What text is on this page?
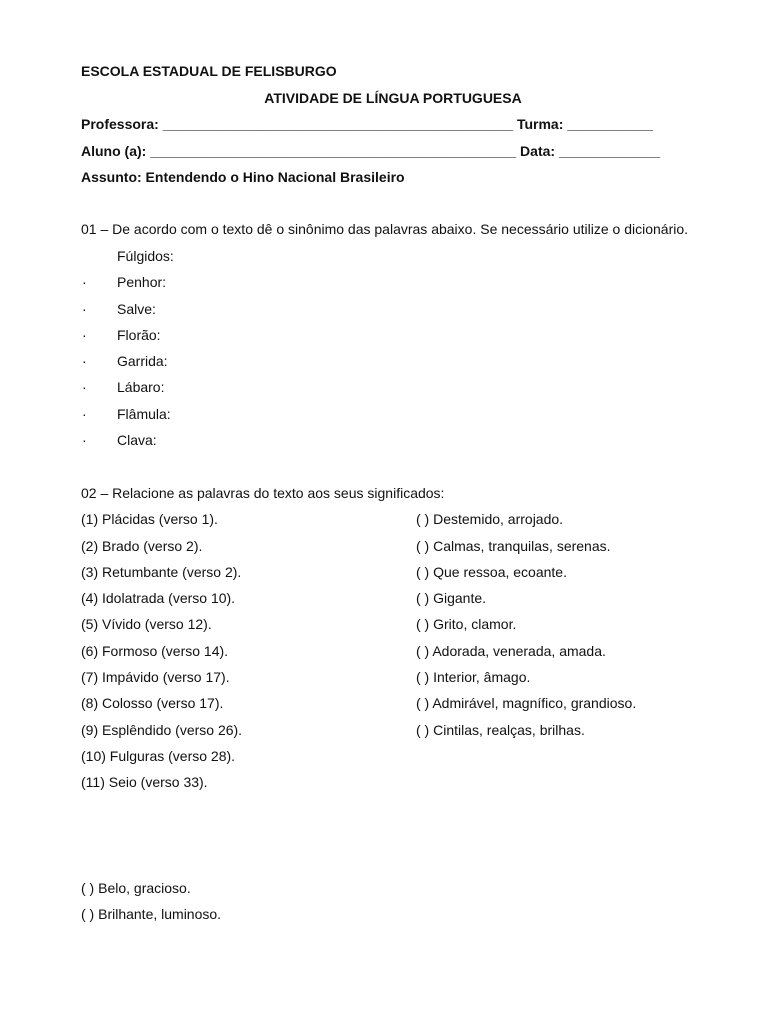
ESCOLA ESTADUAL DE FELISBURGO
ATIVIDADE DE LÍNGUA PORTUGUESA
Professora: _____________________________________________ Turma: ___________
Aluno (a): _______________________________________________ Data: _____________
Assunto: Entendendo o Hino Nacional Brasileiro
01 – De acordo com o texto dê o sinônimo das palavras abaixo. Se necessário utilize o dicionário.
Fúlgidos:
· Penhor:
· Salve:
· Florão:
· Garrida:
· Lábaro:
· Flâmula:
· Clava:
02 – Relacione as palavras do texto aos seus significados:
(1) Plácidas (verso 1).
(2) Brado (verso 2).
(3) Retumbante (verso 2).
(4) Idolatrada (verso 10).
(5) Vívido (verso 12).
(6) Formoso (verso 14).
(7) Impávido (verso 17).
(8) Colosso (verso 17).
(9) Esplêndido (verso 26).
(10) Fulguras (verso 28).
(11) Seio (verso 33).
( ) Destemido, arrojado.
( ) Calmas, tranquilas, serenas.
( ) Que ressoa, ecoante.
( ) Gigante.
( ) Grito, clamor.
( ) Adorada, venerada, amada.
( ) Interior, âmago.
( ) Admirável, magnífico, grandioso.
( ) Cintilas, realças, brilhas.
( ) Belo, gracioso.
( ) Brilhante, luminoso.
